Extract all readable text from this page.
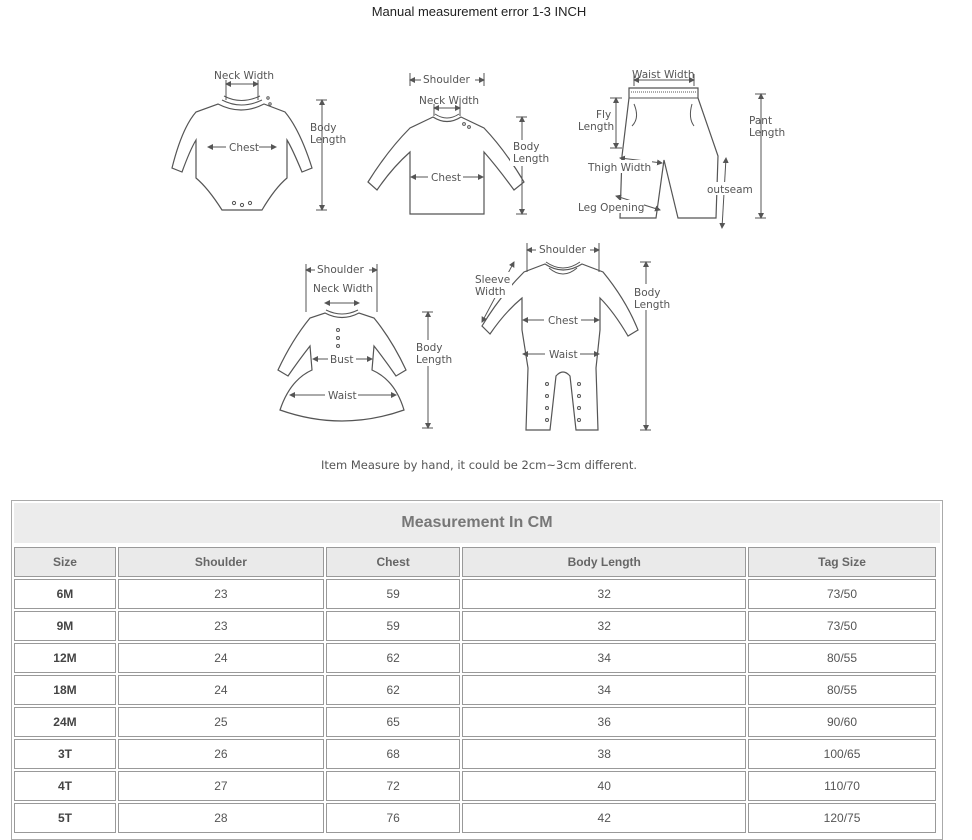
Manual measurement error 1-3 INCH
Neck Width
Chest
Body
Length
Shoulder
Neck Width
Chest
Body
Length
Waist Width
Fly
Length	Pant
Length
Thigh Width
outseam
Leg Opening
Shoulder
Neck Width
Bust
Waist
Body
Length
Shoulder
Sleeve
Width
Chest
Waist
Body
Length
Item Measure by hand, it could be 2cm~3cm different.
Measurement In CM
Size	Shoulder	Chest	Body Length	Tag Size
6M	23	59	32	73/50
9M	23	59	32	73/50
12M	24	62	34	80/55
18M	24	62	34	80/55
24M	25	65	36	90/60
3T	26	68	38	100/65
4T	27	72	40	110/70
5T	28	76	42	120/75
